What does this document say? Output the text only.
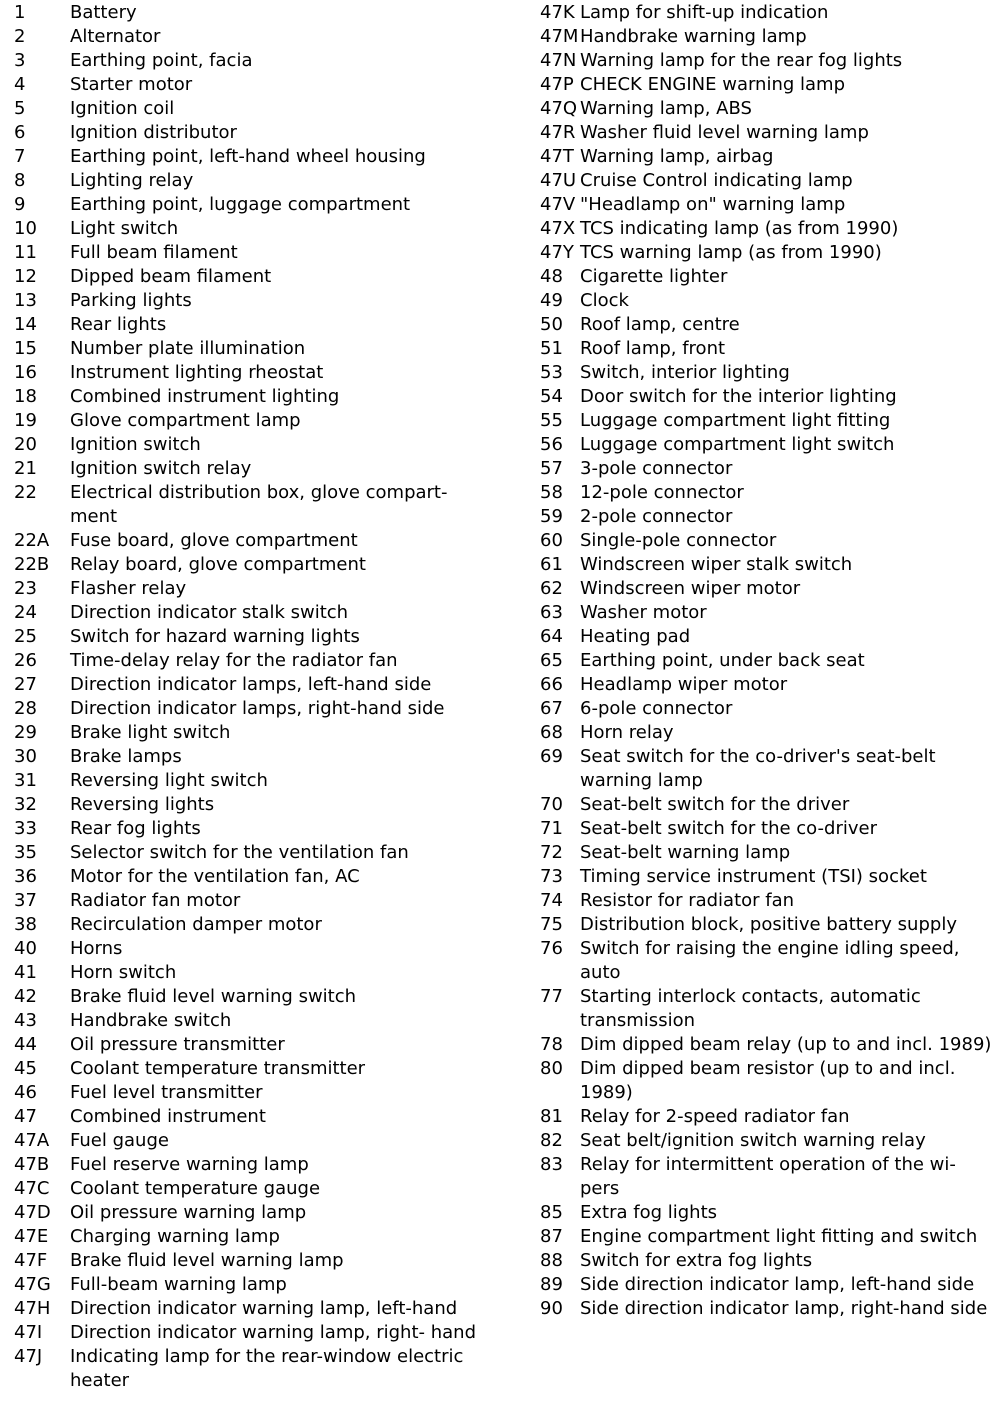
1	Battery
2	Alternator
3	Earthing point, facia
4	Starter motor
5	Ignition coil
6	Ignition distributor
7	Earthing point, left-hand wheel housing
8	Lighting relay
9	Earthing point, luggage compartment
10	Light switch
11	Full beam filament
12	Dipped beam filament
13	Parking lights
14	Rear lights
15	Number plate illumination
16	Instrument lighting rheostat
18	Combined instrument lighting
19	Glove compartment lamp
20	Ignition switch
21	Ignition switch relay
22	Electrical distribution box, glove compart- ment
22A	Fuse board, glove compartment
22B	Relay board, glove compartment
23	Flasher relay
24	Direction indicator stalk switch
25	Switch for hazard warning lights
26	Time-delay relay for the radiator fan
27	Direction indicator lamps, left-hand side
28	Direction indicator lamps, right-hand side
29	Brake light switch
30	Brake lamps
31	Reversing light switch
32	Reversing lights
33	Rear fog lights
35	Selector switch for the ventilation fan
36	Motor for the ventilation fan, AC
37	Radiator fan motor
38	Recirculation damper motor
40	Horns
41	Horn switch
42	Brake fluid level warning switch
43	Handbrake switch
44	Oil pressure transmitter
45	Coolant temperature transmitter
46	Fuel level transmitter
47	Combined instrument
47A	Fuel gauge
47B	Fuel reserve warning lamp
47C	Coolant temperature gauge
47D	Oil pressure warning lamp
47E	Charging warning lamp
47F	Brake fluid level warning lamp
47G	Full-beam warning lamp
47H	Direction indicator warning lamp, left-hand
47I	Direction indicator warning lamp, right- hand
47J	Indicating lamp for the rear-window electric heater
47K Lamp for shift-up indication
47M Handbrake warning lamp
47N Warning lamp for the rear fog lights
47P CHECK ENGINE warning lamp
47Q Warning lamp, ABS
47R Washer fluid level warning lamp
47T Warning lamp, airbag
47U Cruise Control indicating lamp
47V "Headlamp on" warning lamp
47X TCS indicating lamp (as from 1990)
47Y TCS warning lamp (as from 1990)
48 Cigarette lighter
49 Clock
50 Roof lamp, centre
51 Roof lamp, front
53 Switch, interior lighting
54 Door switch for the interior lighting
55 Luggage compartment light fitting
56 Luggage compartment light switch
57 3-pole connector
58 12-pole connector
59 2-pole connector
60 Single-pole connector
61 Windscreen wiper stalk switch
62 Windscreen wiper motor
63 Washer motor
64 Heating pad
65 Earthing point, under back seat
66 Headlamp wiper motor
67 6-pole connector
68 Horn relay
69 Seat switch for the co-driver's seat-belt warning lamp
70 Seat-belt switch for the driver
71 Seat-belt switch for the co-driver
72 Seat-belt warning lamp
73 Timing service instrument (TSI) socket
74 Resistor for radiator fan
75 Distribution block, positive battery supply
76 Switch for raising the engine idling speed, auto
77 Starting interlock contacts, automatic transmission
78 Dim dipped beam relay (up to and incl. 1989)
80 Dim dipped beam resistor (up to and incl. 1989)
81 Relay for 2-speed radiator fan
82 Seat belt/ignition switch warning relay
83 Relay for intermittent operation of the wi- pers
85 Extra fog lights
87 Engine compartment light fitting and switch
88 Switch for extra fog lights
89 Side direction indicator lamp, left-hand side
90 Side direction indicator lamp, right-hand side
